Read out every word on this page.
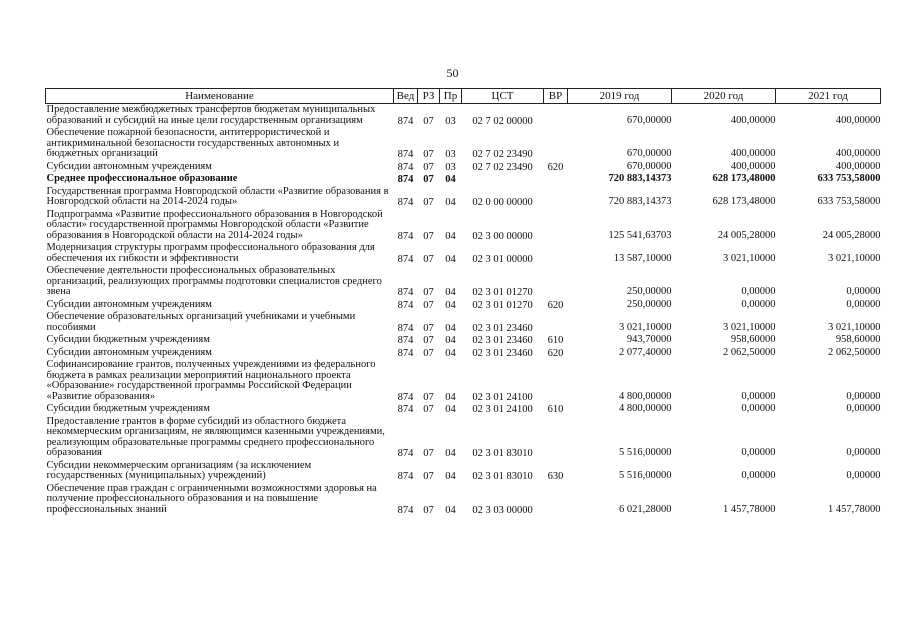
50
Наименование	Вед	РЗ	Пр	ЦСТ	ВР	2019 год	2020 год	2021 год
Предоставление межбюджетных трансфертов бюджетам муниципальных образований и субсидий на иные цели государственным организациям	874	07	03	02 7 02 00000		670,00000	400,00000	400,00000
Обеспечение пожарной безопасности, антитеррористической и антикриминальной безопасности государственных автономных и бюджетных организаций	874	07	03	02 7 02 23490		670,00000	400,00000	400,00000
Субсидии автономным учреждениям	874	07	03	02 7 02 23490	620	670,00000	400,00000	400,00000
Среднее профессиональное образование	874	07	04			720 883,14373	628 173,48000	633 753,58000
Государственная программа Новгородской области «Развитие образования в Новгородской области на 2014-2024 годы»	874	07	04	02 0 00 00000		720 883,14373	628 173,48000	633 753,58000
Подпрограмма «Развитие профессионального образования в Новгородской области» государственной программы Новгородской области «Развитие образования в Новгородской области на 2014-2024 годы»	874	07	04	02 3 00 00000		125 541,63703	24 005,28000	24 005,28000
Модернизация структуры программ профессионального образования для обеспечения их гибкости и эффективности	874	07	04	02 3 01 00000		13 587,10000	3 021,10000	3 021,10000
Обеспечение деятельности профессиональных образовательных организаций, реализующих программы подготовки специалистов среднего звена	874	07	04	02 3 01 01270		250,00000	0,00000	0,00000
Субсидии автономным учреждениям	874	07	04	02 3 01 01270	620	250,00000	0,00000	0,00000
Обеспечение образовательных организаций учебниками и учебными пособиями	874	07	04	02 3 01 23460		3 021,10000	3 021,10000	3 021,10000
Субсидии бюджетным учреждениям	874	07	04	02 3 01 23460	610	943,70000	958,60000	958,60000
Субсидии автономным учреждениям	874	07	04	02 3 01 23460	620	2 077,40000	2 062,50000	2 062,50000
Софинансирование грантов, полученных учреждениями из федерального бюджета в рамках реализации мероприятий национального проекта «Образование» государственной программы Российской Федерации «Развитие образования»	874	07	04	02 3 01 24100		4 800,00000	0,00000	0,00000
Субсидии бюджетным учреждениям	874	07	04	02 3 01 24100	610	4 800,00000	0,00000	0,00000
Предоставление грантов в форме субсидий из областного бюджета некоммерческим организациям, не являющимся казенными учреждениями, реализующим образовательные программы среднего профессионального образования	874	07	04	02 3 01 83010		5 516,00000	0,00000	0,00000
Субсидии некоммерческим организациям (за исключением государственных (муниципальных) учреждений)	874	07	04	02 3 01 83010	630	5 516,00000	0,00000	0,00000
Обеспечение прав граждан с ограниченными возможностями здоровья на получение профессионального образования и на повышение профессиональных знаний	874	07	04	02 3 03 00000		6 021,28000	1 457,78000	1 457,78000
